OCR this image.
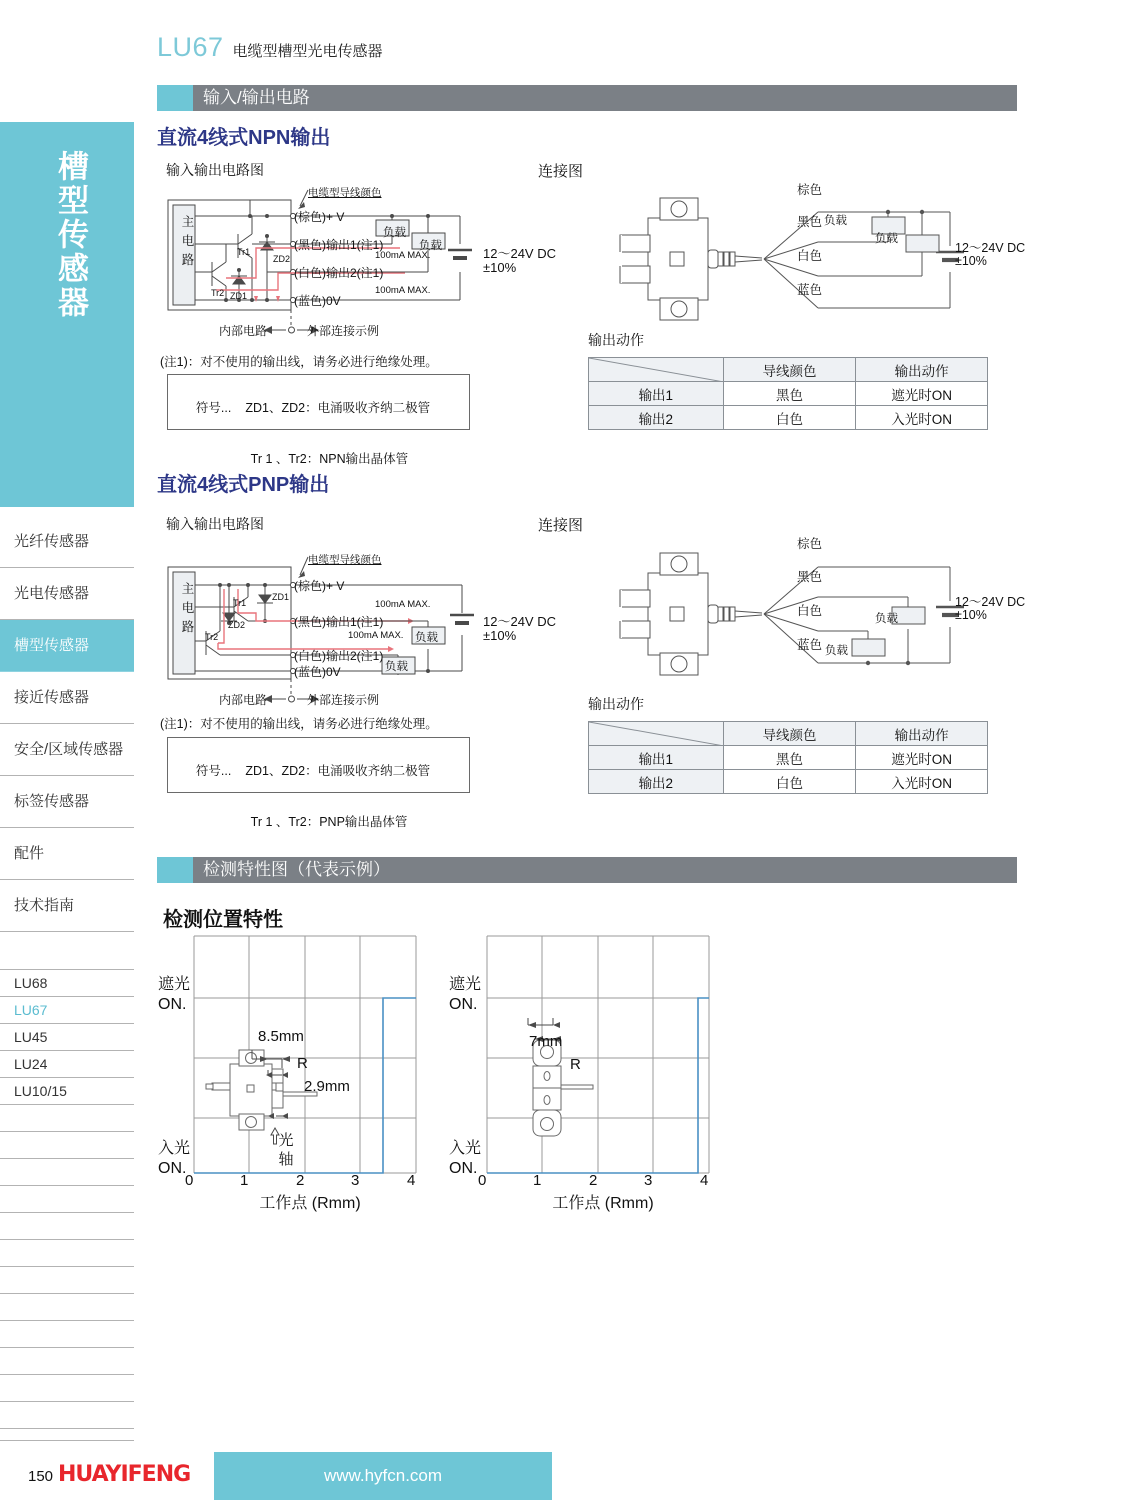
槽型传感器
光纤传感器
光电传感器
槽型传感器
接近传感器
安全/区域传感器
标签传感器
配件
技术指南
LU68
LU67
LU45
LU24
LU10/15
LU67 电缆型槽型光电传感器
输入/输出电路
直流4线式NPN输出
输入输出电路图	连接图
主
电
路
电缆型导线颜色
(棕色)+ V
(黑色)输出1(注1)
(白色)输出2(注1)
(蓝色)0V
100mA MAX.
100mA MAX.
负载
负载
Tr1
Tr2
ZD2
ZD1
12～24V DC
±10%
内部电路	外部连接示例
(注1)：对不使用的输出线，请务必进行绝缘处理。

符号... ZD1、ZD2：电涌吸收齐纳二极管

Tr 1 、Tr2：NPN输出晶体管

棕色
黑色
白色
蓝色
负载
负载
12～24V DC
±10%
输出动作
	导线颜色	输出动作
输出1	黑色	遮光时ON
输出2	白色	入光时ON
直流4线式PNP输出
输入输出电路图	连接图
主
电
路
电缆型导线颜色
(棕色)+ V
(黑色)输出1(注1)
(白色)输出2(注1)
(蓝色)0V
100mA MAX.
100mA MAX. 负载
负载
Tr1
Tr2
ZD1
ZD2	12～24V DC
±10%
内部电路	外部连接示例
(注1)：对不使用的输出线，请务必进行绝缘处理。

符号... ZD1、ZD2：电涌吸收齐纳二极管

Tr 1 、Tr2：PNP输出晶体管

棕色
黑色
白色
蓝色
负载
负载
12～24V DC
±10%
输出动作
	导线颜色	输出动作
输出1	黑色	遮光时ON
输出2	白色	入光时ON
检测特性图（代表示例）
检测位置特性
遮光
ON.
入光
ON.
8.5mm
R
2.9mm
光
轴
0	1	2	3	4
工作点 (Rmm)
遮光
ON.
入光
ON.
7mm
R
0	1	2	3	4
工作点 (Rmm)
150 HUAYIFENG	www.hyfcn.com
